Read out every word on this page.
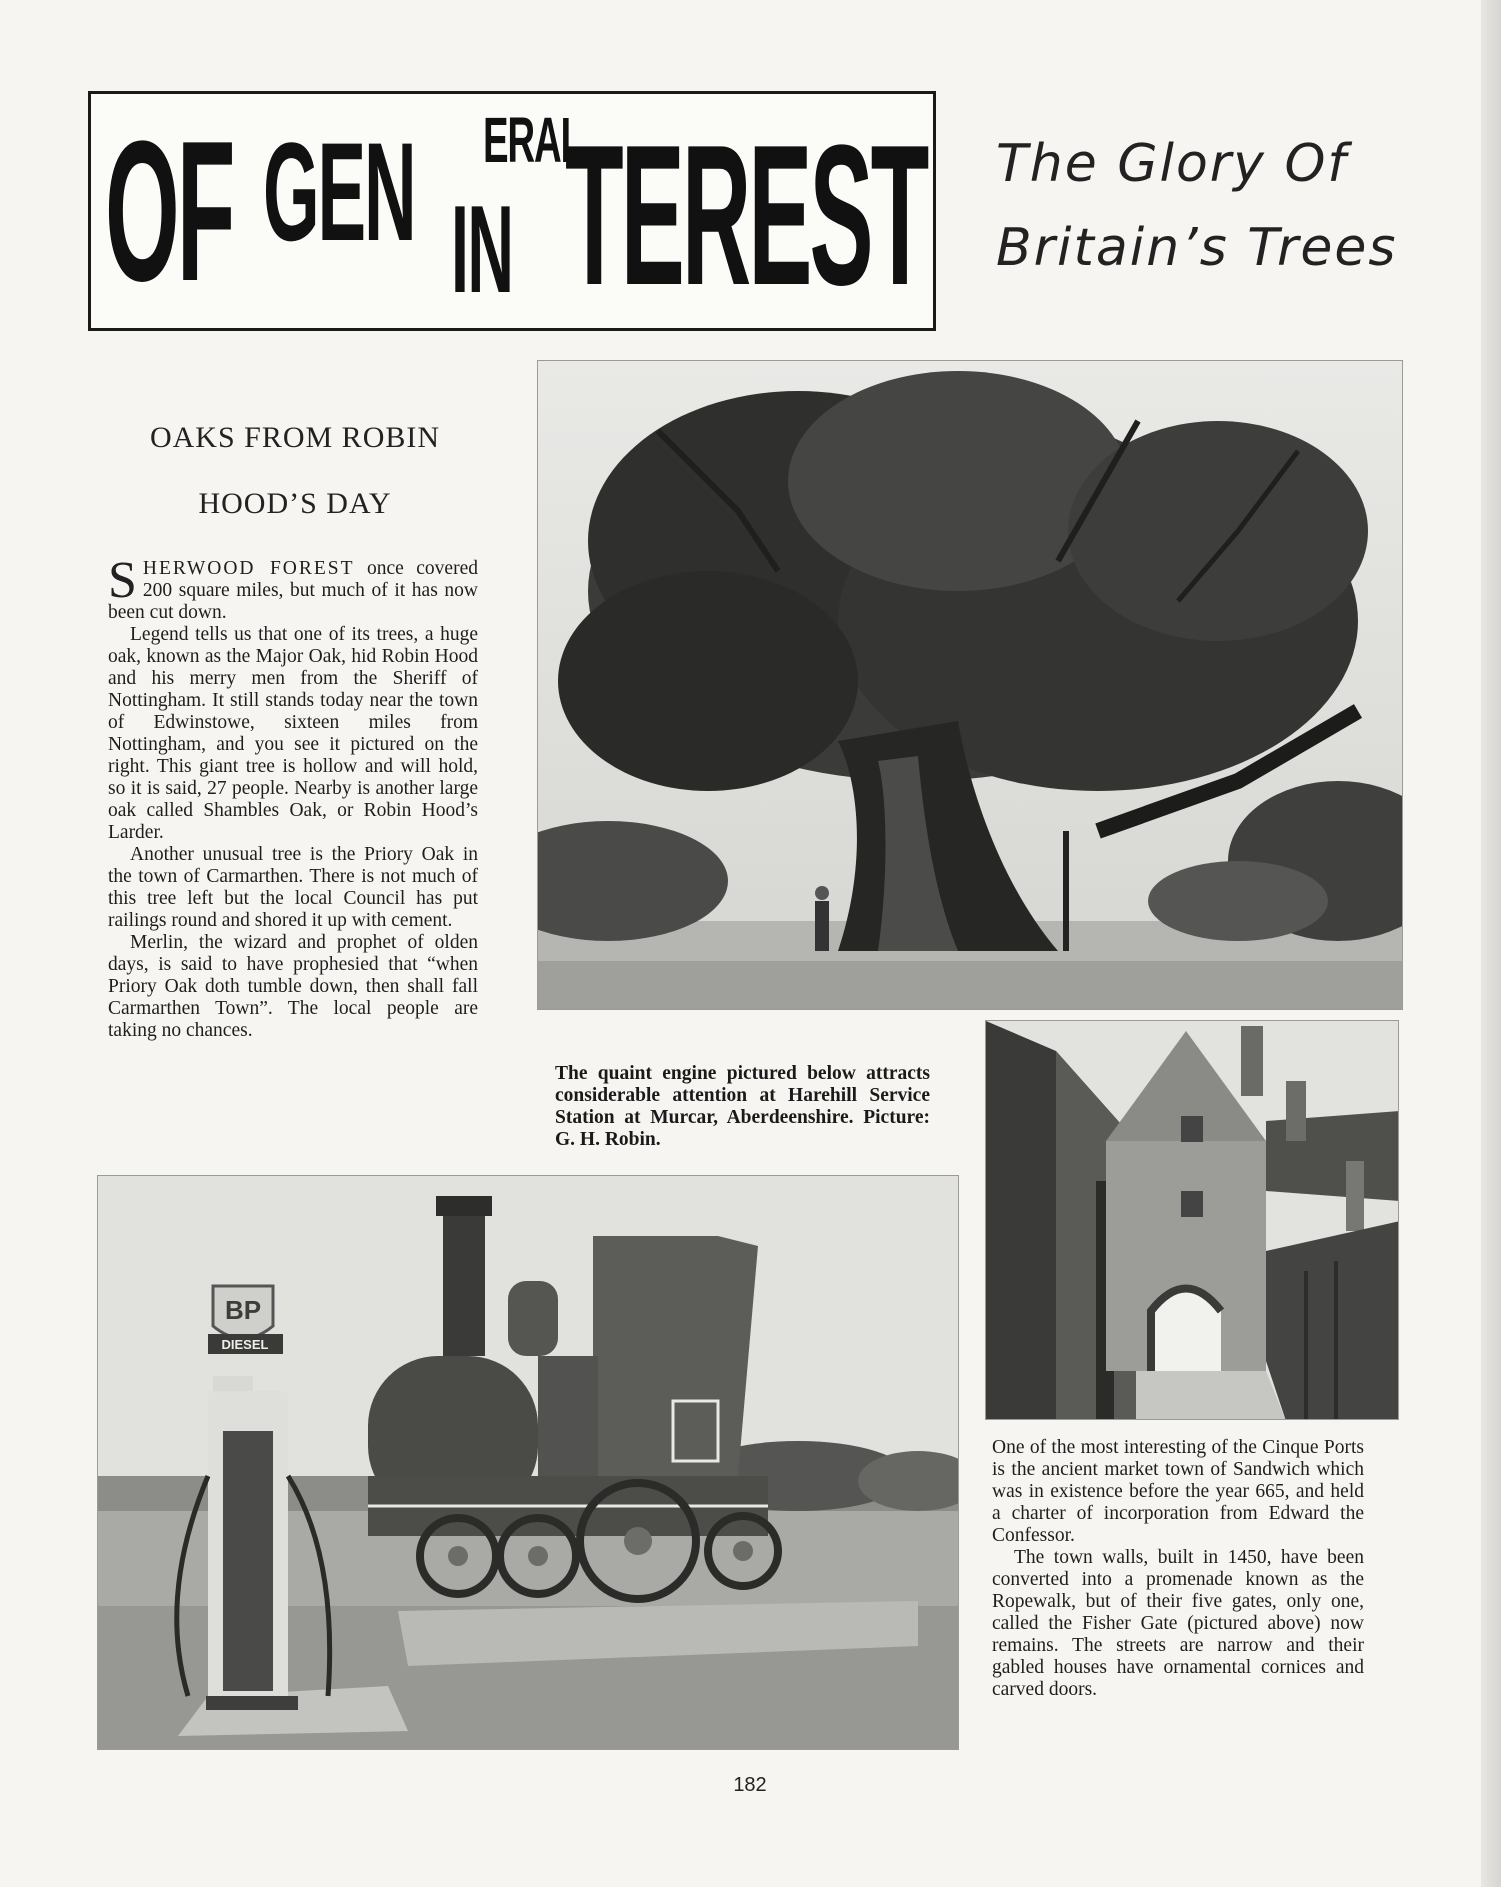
OF GEN ERAL
IN TEREST The Glory Of
Britain’s Trees
OAKS FROM ROBIN
HOOD’S DAY

SHERWOOD FOREST once covered 200 square miles, but much of it has now been cut down.

Legend tells us that one of its trees, a huge oak, known as the Major Oak, hid Robin Hood and his merry men from the Sheriff of Nottingham. It still stands today near the town of Edwinstowe, sixteen miles from Nottingham, and you see it pictured on the right. This giant tree is hollow and will hold, so it is said, 27 people. Nearby is another large oak called Shambles Oak, or Robin Hood’s Larder.

Another unusual tree is the Priory Oak in the town of Carmarthen. There is not much of this tree left but the local Council has put railings round and shored it up with cement.

Merlin, the wizard and prophet of olden days, is said to have prophesied that “when Priory Oak doth tumble down, then shall fall Carmarthen Town”. The local people are taking no chances.

The quaint engine pictured below attracts considerable attention at Harehill Service Station at Murcar, Aberdeenshire. Picture: G. H. Robin.
BP
DIESEL

One of the most interesting of the Cinque Ports is the ancient market town of Sandwich which was in existence before the year 665, and held a charter of incorporation from Edward the Confessor.

The town walls, built in 1450, have been converted into a promenade known as the Ropewalk, but of their five gates, only one, called the Fisher Gate (pictured above) now remains. The streets are narrow and their gabled houses have ornamental cornices and carved doors.

182
